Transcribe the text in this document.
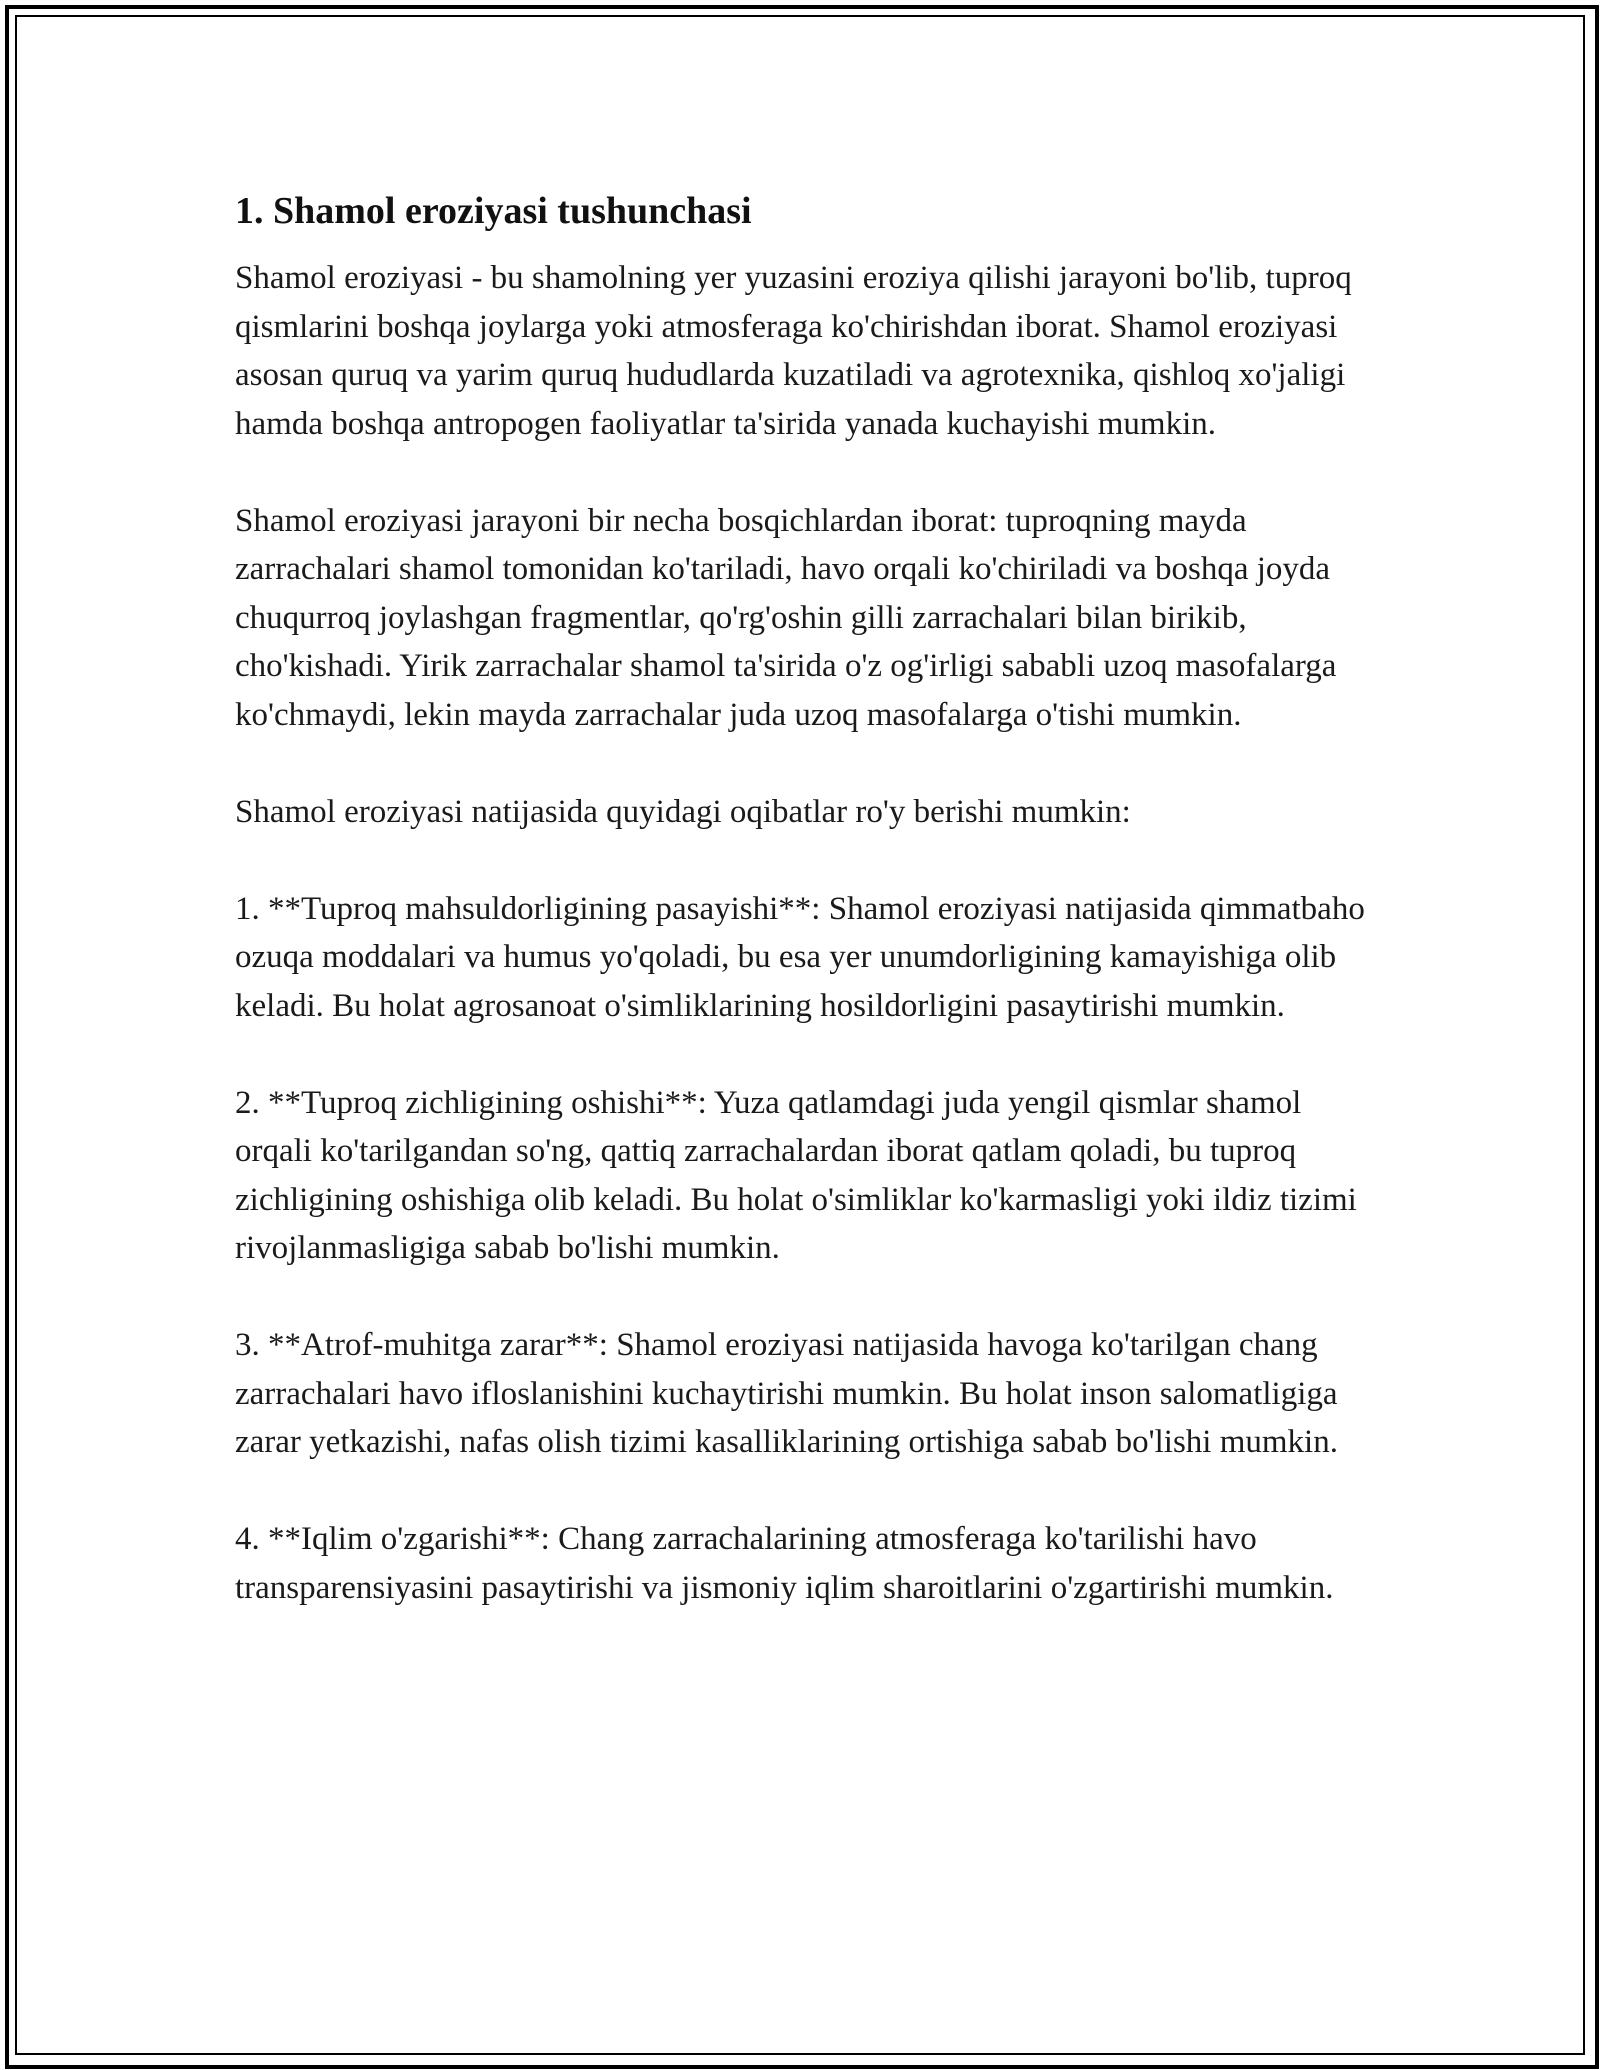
1. Shamol eroziyasi tushunchasi

Shamol eroziyasi - bu shamolning yer yuzasini eroziya qilishi jarayoni bo'lib, tuproq qismlarini boshqa joylarga yoki atmosferaga ko'chirishdan iborat. Shamol eroziyasi asosan quruq va yarim quruq hududlarda kuzatiladi va agrotexnika, qishloq xo'jaligi hamda boshqa antropogen faoliyatlar ta'sirida yanada kuchayishi mumkin.

Shamol eroziyasi jarayoni bir necha bosqichlardan iborat: tuproqning mayda zarrachalari shamol tomonidan ko'tariladi, havo orqali ko'chiriladi va boshqa joyda chuqurroq joylashgan fragmentlar, qo'rg'oshin gilli zarrachalari bilan birikib, cho'kishadi. Yirik zarrachalar shamol ta'sirida o'z og'irligi sababli uzoq masofalarga ko'chmaydi, lekin mayda zarrachalar juda uzoq masofalarga o'tishi mumkin.

Shamol eroziyasi natijasida quyidagi oqibatlar ro'y berishi mumkin:

1. **Tuproq mahsuldorligining pasayishi**: Shamol eroziyasi natijasida qimmatbaho ozuqa moddalari va humus yo'qoladi, bu esa yer unumdorligining kamayishiga olib keladi. Bu holat agrosanoat o'simliklarining hosildorligini pasaytirishi mumkin.

2. **Tuproq zichligining oshishi**: Yuza qatlamdagi juda yengil qismlar shamol orqali ko'tarilgandan so'ng, qattiq zarrachalardan iborat qatlam qoladi, bu tuproq zichligining oshishiga olib keladi. Bu holat o'simliklar ko'karmasligi yoki ildiz tizimi rivojlanmasligiga sabab bo'lishi mumkin.

3. **Atrof-muhitga zarar**: Shamol eroziyasi natijasida havoga ko'tarilgan chang zarrachalari havo ifloslanishini kuchaytirishi mumkin. Bu holat inson salomatligiga zarar yetkazishi, nafas olish tizimi kasalliklarining ortishiga sabab bo'lishi mumkin.

4. **Iqlim o'zgarishi**: Chang zarrachalarining atmosferaga ko'tarilishi havo transparensiyasini pasaytirishi va jismoniy iqlim sharoitlarini o'zgartirishi mumkin.
